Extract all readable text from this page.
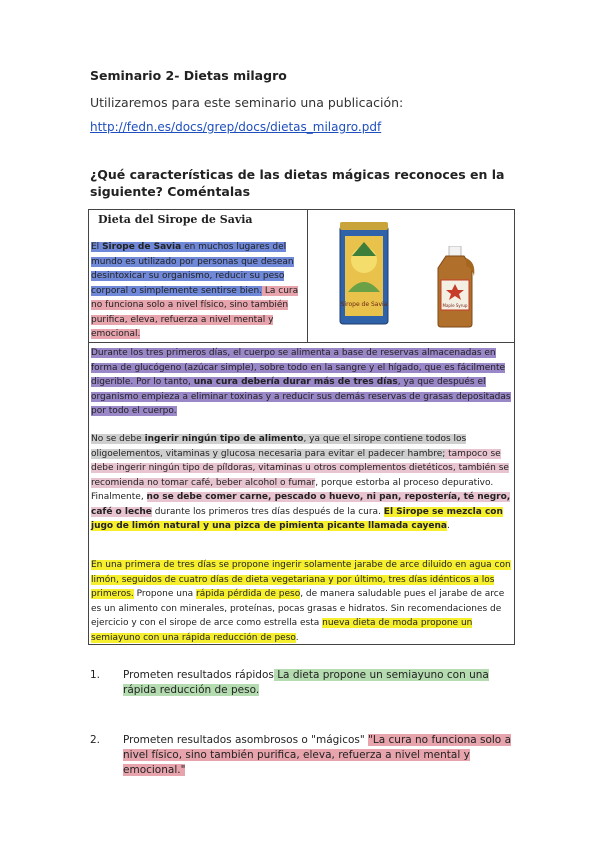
Seminario 2- Dietas milagro
Utilizaremos para este seminario una publicación:
http://fedn.es/docs/grep/docs/dietas_milagro.pdf
¿Qué características de las dietas mágicas reconoces en la siguiente? Coméntalas
Dieta del Sirope de Savia
El Sirope de Savia en muchos lugares del mundo es utilizado por personas que desean desintoxicar su organismo, reducir su peso corporal o simplemente sentirse bien. La cura no funciona solo a nivel físico, sino también purifica, eleva, refuerza a nivel mental y emocional.
Sirope de Savia	Maple Syrup
Durante los tres primeros días, el cuerpo se alimenta a base de reservas almacenadas en forma de glucógeno (azúcar simple), sobre todo en la sangre y el hígado, que es fácilmente digerible. Por lo tanto, una cura debería durar más de tres días, ya que después el organismo empieza a eliminar toxinas y a reducir sus demás reservas de grasas depositadas por todo el cuerpo.
No se debe ingerir ningún tipo de alimento, ya que el sirope contiene todos los oligoelementos, vitaminas y glucosa necesaria para evitar el padecer hambre; tampoco se debe ingerir ningún tipo de píldoras, vitaminas u otros complementos dietéticos, también se recomienda no tomar café, beber alcohol o fumar, porque estorba al proceso depurativo. Finalmente, no se debe comer carne, pescado o huevo, ni pan, repostería, té negro, café o leche durante los primeros tres días después de la cura. El Sirope se mezcla con jugo de limón natural y una pizca de pimienta picante llamada cayena.
En una primera de tres días se propone ingerir solamente jarabe de arce diluido en agua con limón, seguidos de cuatro días de dieta vegetariana y por último, tres días idénticos a los primeros. Propone una rápida pérdida de peso, de manera saludable pues el jarabe de arce es un alimento con minerales, proteínas, pocas grasas e hidratos. Sin recomendaciones de ejercicio y con el sirope de arce como estrella esta nueva dieta de moda propone un semiayuno con una rápida reducción de peso.
1. Prometen resultados rápidos La dieta propone un semiayuno con una rápida reducción de peso.
2. Prometen resultados asombrosos o "mágicos" "La cura no funciona solo a nivel físico, sino también purifica, eleva, refuerza a nivel mental y emocional."
